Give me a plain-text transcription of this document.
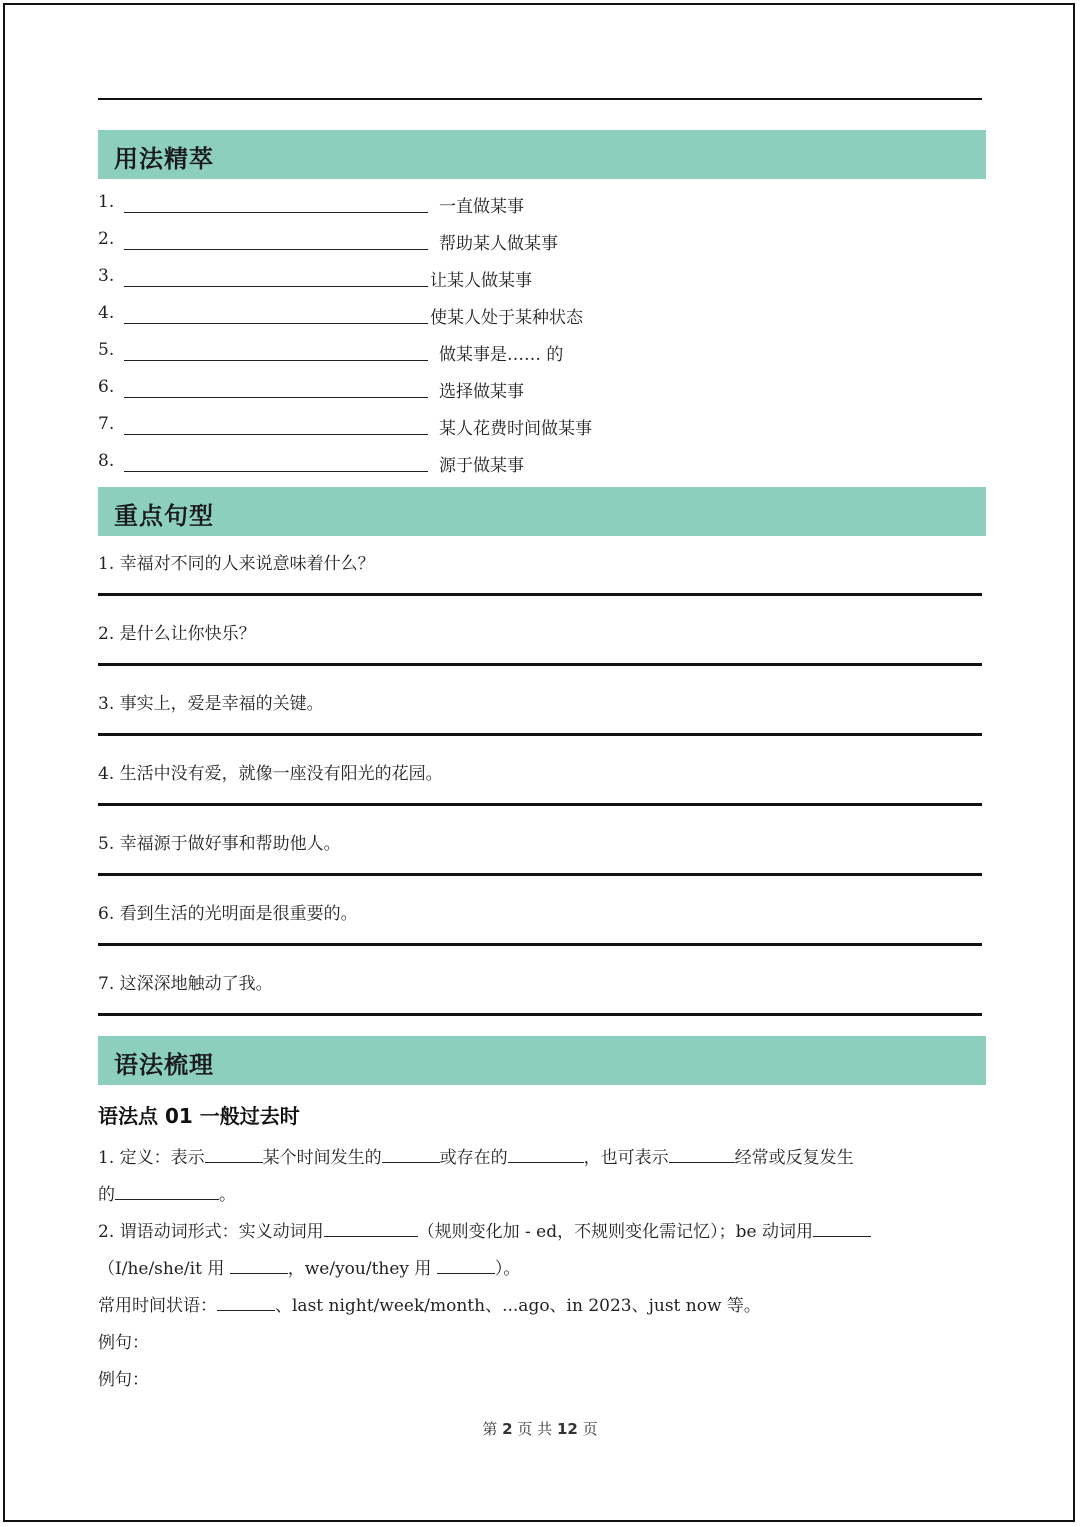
用法精萃
1.	一直做某事
2.	帮助某人做某事
3.	让某人做某事
4.	使某人处于某种状态
5.	做某事是…… 的
6.	选择做某事
7.	某人花费时间做某事
8.	源于做某事
重点句型
1. 幸福对不同的人来说意味着什么？
2. 是什么让你快乐？
3. 事实上，爱是幸福的关键。
4. 生活中没有爱，就像一座没有阳光的花园。
5. 幸福源于做好事和帮助他人。
6. 看到生活的光明面是很重要的。
7. 这深深地触动了我。
语法梳理
语法点 01 一般过去时
1. 定义：表示	某个时间发生的	或存在的	，也可表示	经常或反复发生
的	。
2. 谓语动词形式：实义动词用	（规则变化加 - ed，不规则变化需记忆）；be 动词用
（I/he/she/it 用	，we/you/they 用	）。
常用时间状语：	、last night/week/month、...ago、in 2023、just now 等。
例句：
例句：
第 2 页 共 12 页
